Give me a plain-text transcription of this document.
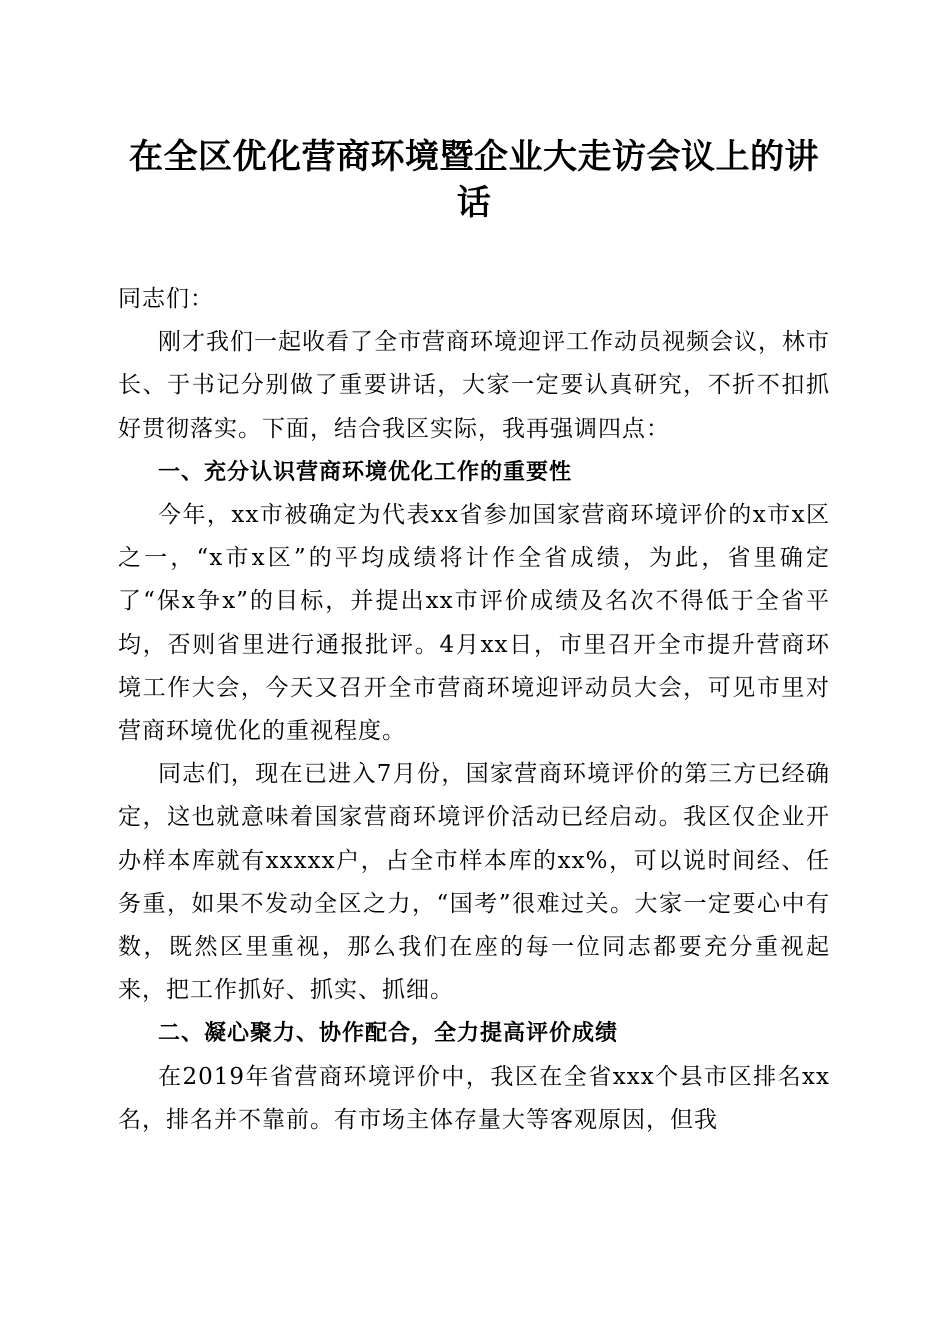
在全区优化营商环境暨企业大走访会议上的讲话

同志们：

刚才我们一起收看了全市营商环境迎评工作动员视频会议，林市长、于书记分别做了重要讲话，大家一定要认真研究，不折不扣抓好贯彻落实。下面，结合我区实际，我再强调四点：

一、充分认识营商环境优化工作的重要性

今年，xx市被确定为代表xx省参加国家营商环境评价的x市x区之一，“x市x区”的平均成绩将计作全省成绩，为此，省里确定了“保x争x”的目标，并提出xx市评价成绩及名次不得低于全省平均，否则省里进行通报批评。4月xx日，市里召开全市提升营商环境工作大会，今天又召开全市营商环境迎评动员大会，可见市里对营商环境优化的重视程度。

同志们，现在已进入7月份，国家营商环境评价的第三方已经确定，这也就意味着国家营商环境评价活动已经启动。我区仅企业开办样本库就有xxxxx户，占全市样本库的xx%，可以说时间经、任务重，如果不发动全区之力，“国考”很难过关。大家一定要心中有数，既然区里重视，那么我们在座的每一位同志都要充分重视起来，把工作抓好、抓实、抓细。

二、凝心聚力、协作配合，全力提高评价成绩

在2019年省营商环境评价中，我区在全省xxx个县市区排名xx名，排名并不靠前。有市场主体存量大等客观原因，但我
